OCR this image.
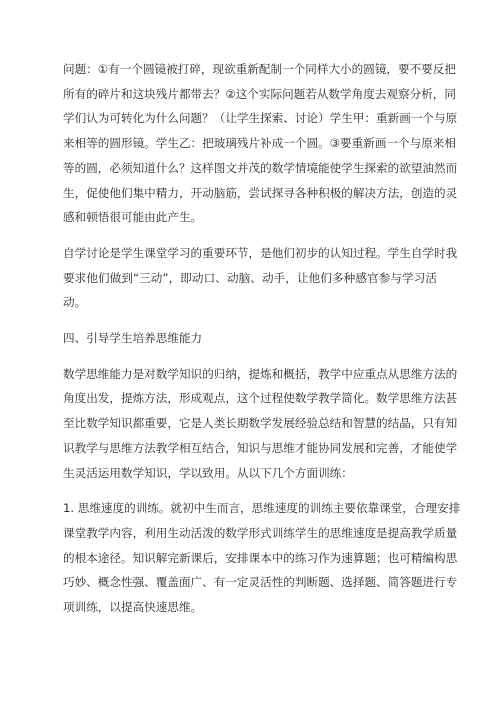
问题：①有一个圆镜被打碎，现欲重新配制一个同样大小的圆镜，要不要反把
所有的碎片和这块残片都带去？②这个实际问题若从数学角度去观察分析，同
学们认为可转化为什么问题？（让学生探索、讨论）学生甲：重新画一个与原
来相等的圆形镜。学生乙：把玻璃残片补成一个圆。③要重新画一个与原来相
等的圆，必须知道什么？这样图文并茂的数学情境能使学生探索的欲望油然而
生，促使他们集中精力，开动脑筋，尝试探寻各种积极的解决方法，创造的灵
感和顿悟很可能由此产生。

自学讨论是学生课堂学习的重要环节，是他们初步的认知过程。学生自学时我
要求他们做到“三动”，即动口、动脑、动手，让他们多种感官参与学习活
动。

四、引导学生培养思维能力

数学思维能力是对数学知识的归纳，提炼和概括，教学中应重点从思维方法的
角度出发，提炼方法，形成观点，这个过程使数学教学简化。数学思维方法甚
至比数学知识都重要，它是人类长期数学发展经验总结和智慧的结晶，只有知
识教学与思维方法教学相互结合，知识与思维才能协同发展和完善，才能使学
生灵活运用数学知识，学以致用。从以下几个方面训练：

1. 思维速度的训练。就初中生而言，思维速度的训练主要依靠课堂，合理安排
课堂教学内容，利用生动活泼的数学形式训练学生的思维速度是提高教学质量
的根本途径。知识解完新课后，安排课本中的练习作为速算题；也可精编构思
巧妙、概念性强、覆盖面广、有一定灵活性的判断题、选择题、简答题进行专
项训练，以提高快速思维。
